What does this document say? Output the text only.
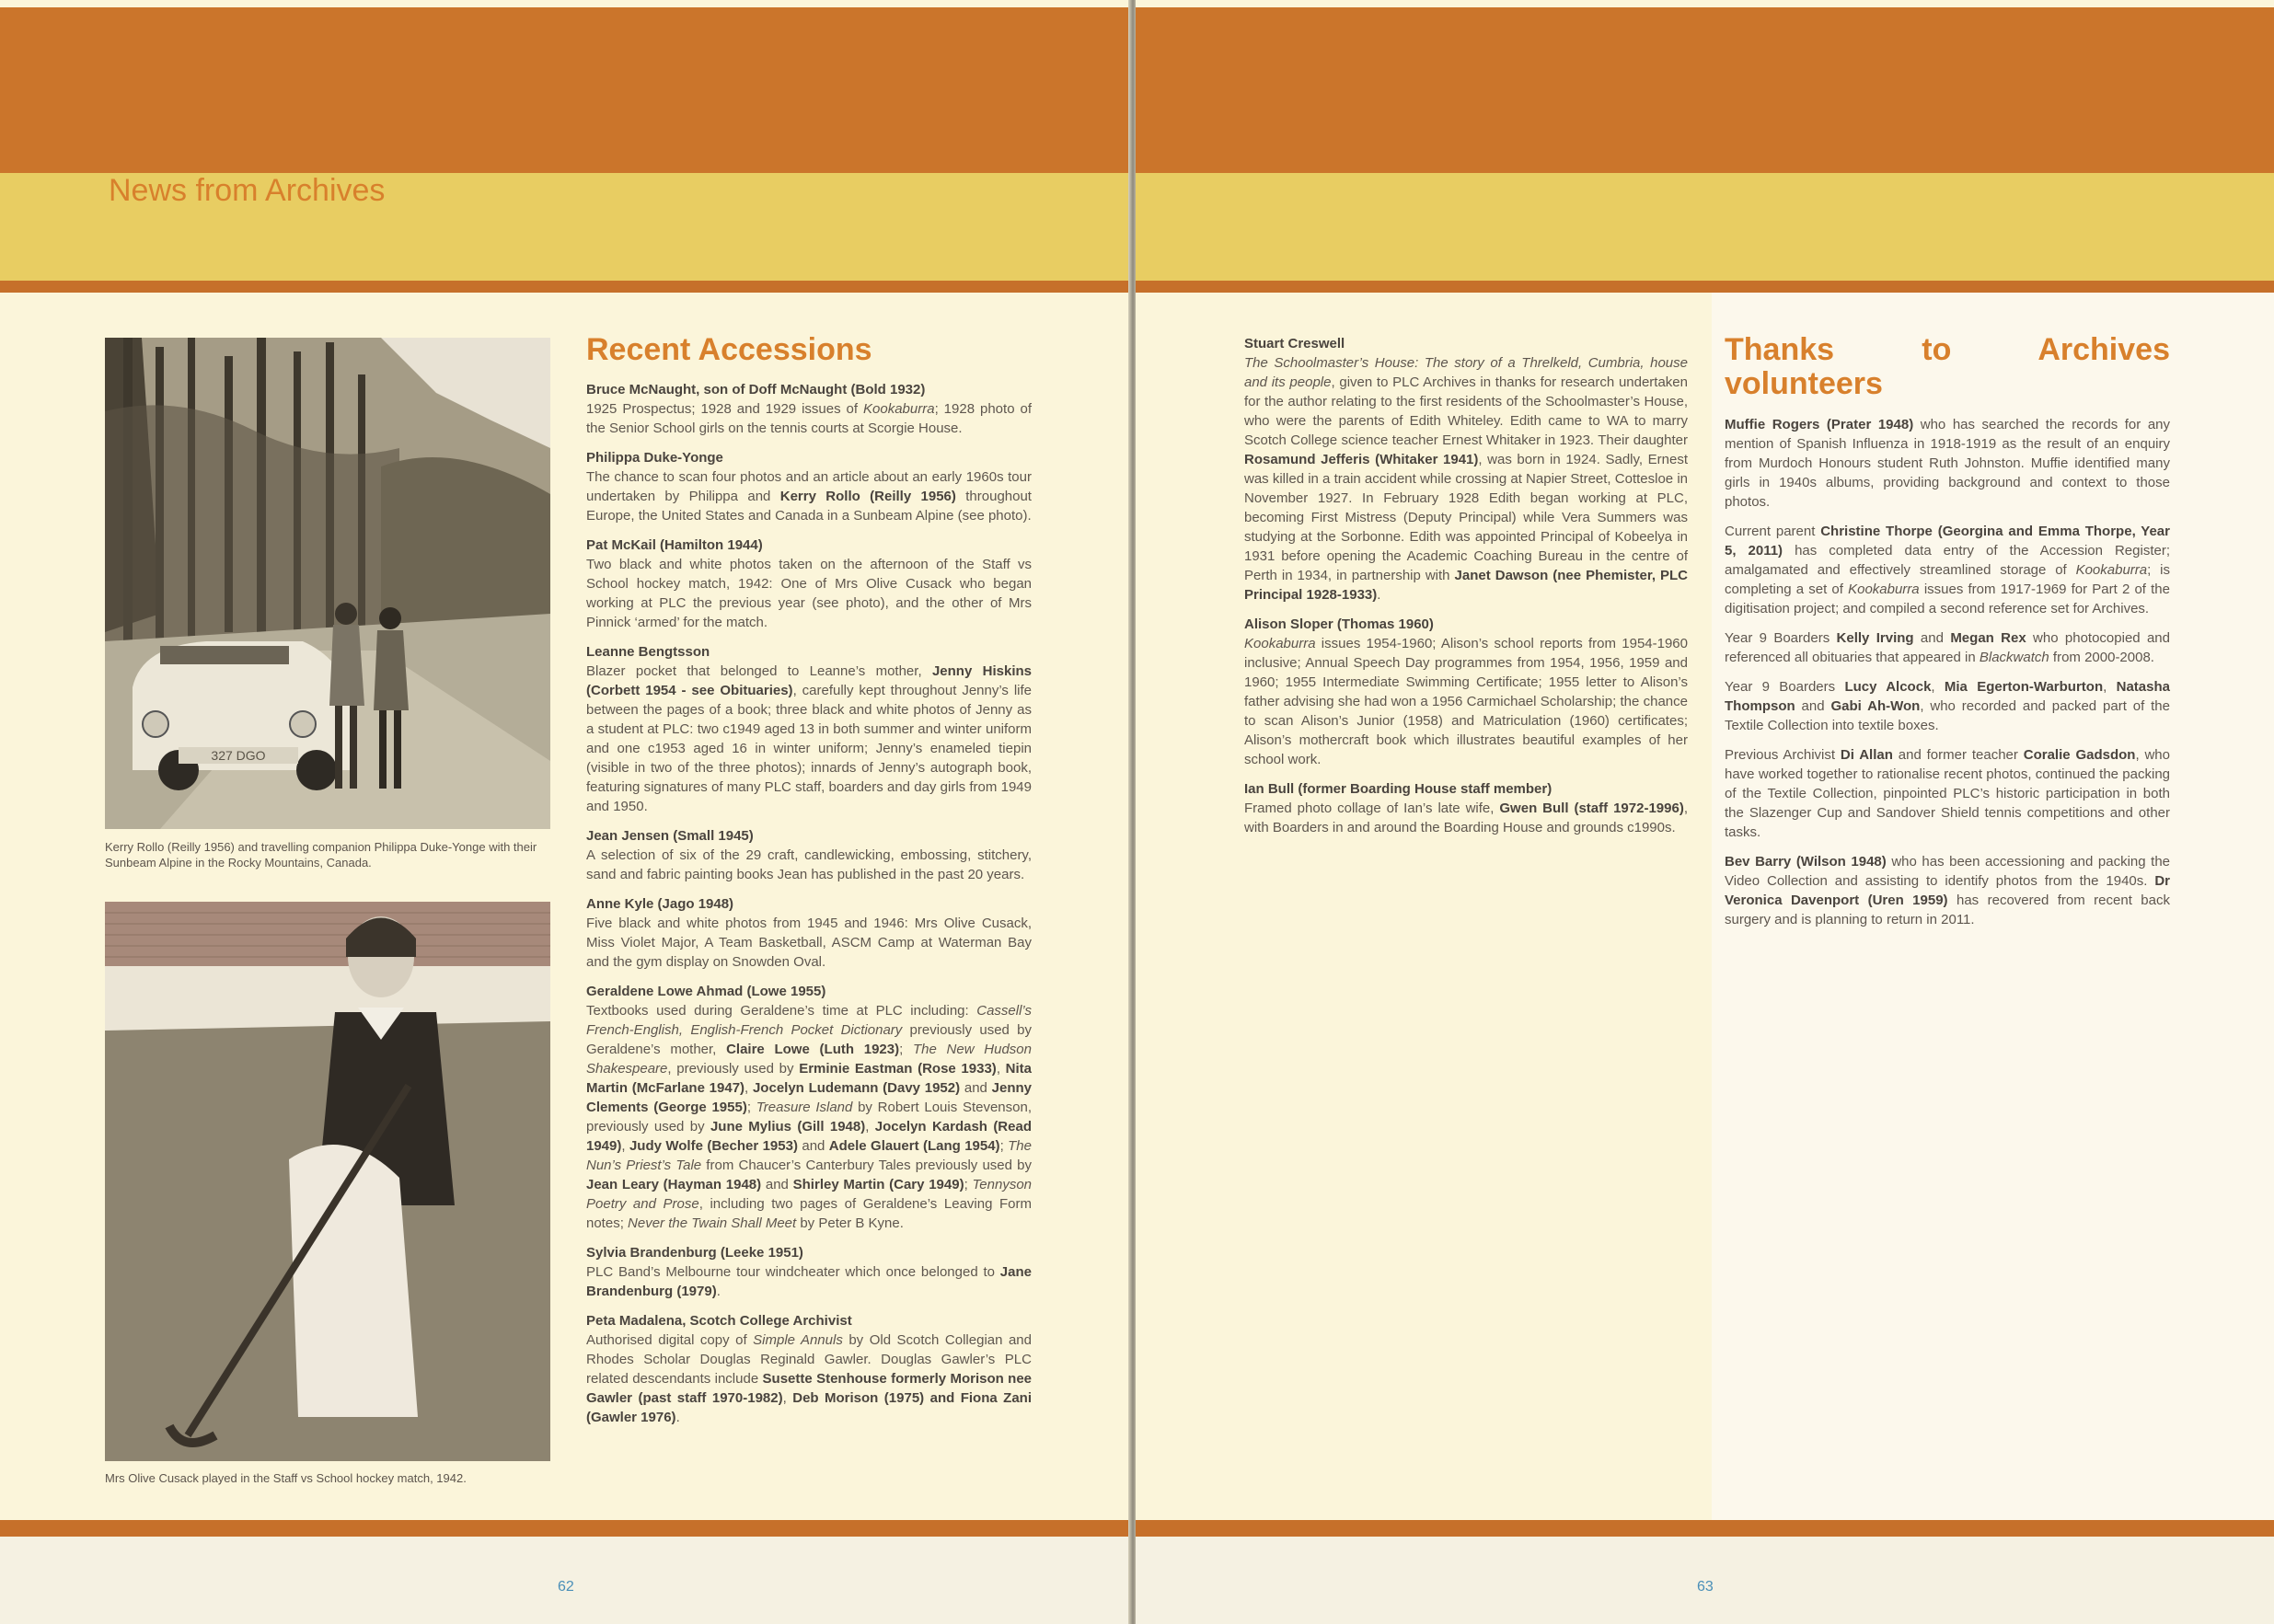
News from Archives
327 DGO
Kerry Rollo (Reilly 1956) and travelling companion Philippa Duke-Yonge with their Sunbeam Alpine in the Rocky Mountains, Canada.
Mrs Olive Cusack played in the Staff vs School hockey match, 1942.
Recent Accessions
Bruce McNaught, son of Doff McNaught (Bold 1932)
1925 Prospectus; 1928 and 1929 issues of Kookaburra; 1928 photo of the Senior School girls on the tennis courts at Scorgie House.
Philippa Duke-Yonge
The chance to scan four photos and an article about an early 1960s tour undertaken by Philippa and Kerry Rollo (Reilly 1956) throughout Europe, the United States and Canada in a Sunbeam Alpine (see photo).
Pat McKail (Hamilton 1944)
Two black and white photos taken on the afternoon of the Staff vs School hockey match, 1942: One of Mrs Olive Cusack who began working at PLC the previous year (see photo), and the other of Mrs Pinnick ‘armed’ for the match.
Leanne Bengtsson
Blazer pocket that belonged to Leanne’s mother, Jenny Hiskins (Corbett 1954 - see Obituaries), carefully kept throughout Jenny’s life between the pages of a book; three black and white photos of Jenny as a student at PLC: two c1949 aged 13 in both summer and winter uniform and one c1953 aged 16 in winter uniform; Jenny’s enameled tiepin (visible in two of the three photos); innards of Jenny’s autograph book, featuring signatures of many PLC staff, boarders and day girls from 1949 and 1950.
Jean Jensen (Small 1945)
A selection of six of the 29 craft, candlewicking, embossing, stitchery, sand and fabric painting books Jean has published in the past 20 years.
Anne Kyle (Jago 1948)
Five black and white photos from 1945 and 1946: Mrs Olive Cusack, Miss Violet Major, A Team Basketball, ASCM Camp at Waterman Bay and the gym display on Snowden Oval.
Geraldene Lowe Ahmad (Lowe 1955)
Textbooks used during Geraldene’s time at PLC including: Cassell’s French-English, English-French Pocket Dictionary previously used by Geraldene’s mother, Claire Lowe (Luth 1923); The New Hudson Shakespeare, previously used by Erminie Eastman (Rose 1933), Nita Martin (McFarlane 1947), Jocelyn Ludemann (Davy 1952) and Jenny Clements (George 1955); Treasure Island by Robert Louis Stevenson, previously used by June Mylius (Gill 1948), Jocelyn Kardash (Read 1949), Judy Wolfe (Becher 1953) and Adele Glauert (Lang 1954); The Nun’s Priest’s Tale from Chaucer’s Canterbury Tales previously used by Jean Leary (Hayman 1948) and Shirley Martin (Cary 1949); Tennyson Poetry and Prose, including two pages of Geraldene’s Leaving Form notes; Never the Twain Shall Meet by Peter B Kyne.
Sylvia Brandenburg (Leeke 1951)
PLC Band’s Melbourne tour windcheater which once belonged to Jane Brandenburg (1979).
Peta Madalena, Scotch College Archivist
Authorised digital copy of Simple Annuls by Old Scotch Collegian and Rhodes Scholar Douglas Reginald Gawler. Douglas Gawler’s PLC related descendants include Susette Stenhouse formerly Morison nee Gawler (past staff 1970-1982), Deb Morison (1975) and Fiona Zani (Gawler 1976).
62
Stuart Creswell
The Schoolmaster’s House: The story of a Threlkeld, Cumbria, house and its people, given to PLC Archives in thanks for research undertaken for the author relating to the first residents of the Schoolmaster’s House, who were the parents of Edith Whiteley. Edith came to WA to marry Scotch College science teacher Ernest Whitaker in 1923. Their daughter Rosamund Jefferis (Whitaker 1941), was born in 1924. Sadly, Ernest was killed in a train accident while crossing at Napier Street, Cottesloe in November 1927. In February 1928 Edith began working at PLC, becoming First Mistress (Deputy Principal) while Vera Summers was studying at the Sorbonne. Edith was appointed Principal of Kobeelya in 1931 before opening the Academic Coaching Bureau in the centre of Perth in 1934, in partnership with Janet Dawson (nee Phemister, PLC Principal 1928-1933).
Alison Sloper (Thomas 1960)
Kookaburra issues 1954-1960; Alison’s school reports from 1954-1960 inclusive; Annual Speech Day programmes from 1954, 1956, 1959 and 1960; 1955 Intermediate Swimming Certificate; 1955 letter to Alison’s father advising she had won a 1956 Carmichael Scholarship; the chance to scan Alison’s Junior (1958) and Matriculation (1960) certificates; Alison’s mothercraft book which illustrates beautiful examples of her school work.
Ian Bull (former Boarding House staff member)
Framed photo collage of Ian’s late wife, Gwen Bull (staff 1972-1996), with Boarders in and around the Boarding House and grounds c1990s.
63
Thanks to Archives volunteers

Muffie Rogers (Prater 1948) who has searched the records for any mention of Spanish Influenza in 1918-1919 as the result of an enquiry from Murdoch Honours student Ruth Johnston. Muffie identified many girls in 1940s albums, providing background and context to those photos.

Current parent Christine Thorpe (Georgina and Emma Thorpe, Year 5, 2011) has completed data entry of the Accession Register; amalgamated and effectively streamlined storage of Kookaburra; is completing a set of Kookaburra issues from 1917-1969 for Part 2 of the digitisation project; and compiled a second reference set for Archives.

Year 9 Boarders Kelly Irving and Megan Rex who photocopied and referenced all obituaries that appeared in Blackwatch from 2000-2008.

Year 9 Boarders Lucy Alcock, Mia Egerton-Warburton, Natasha Thompson and Gabi Ah-Won, who recorded and packed part of the Textile Collection into textile boxes.

Previous Archivist Di Allan and former teacher Coralie Gadsdon, who have worked together to rationalise recent photos, continued the packing of the Textile Collection, pinpointed PLC’s historic participation in both the Slazenger Cup and Sandover Shield tennis competitions and other tasks.

Bev Barry (Wilson 1948) who has been accessioning and packing the Video Collection and assisting to identify photos from the 1940s. Dr Veronica Davenport (Uren 1959) has recovered from recent back surgery and is planning to return in 2011.
